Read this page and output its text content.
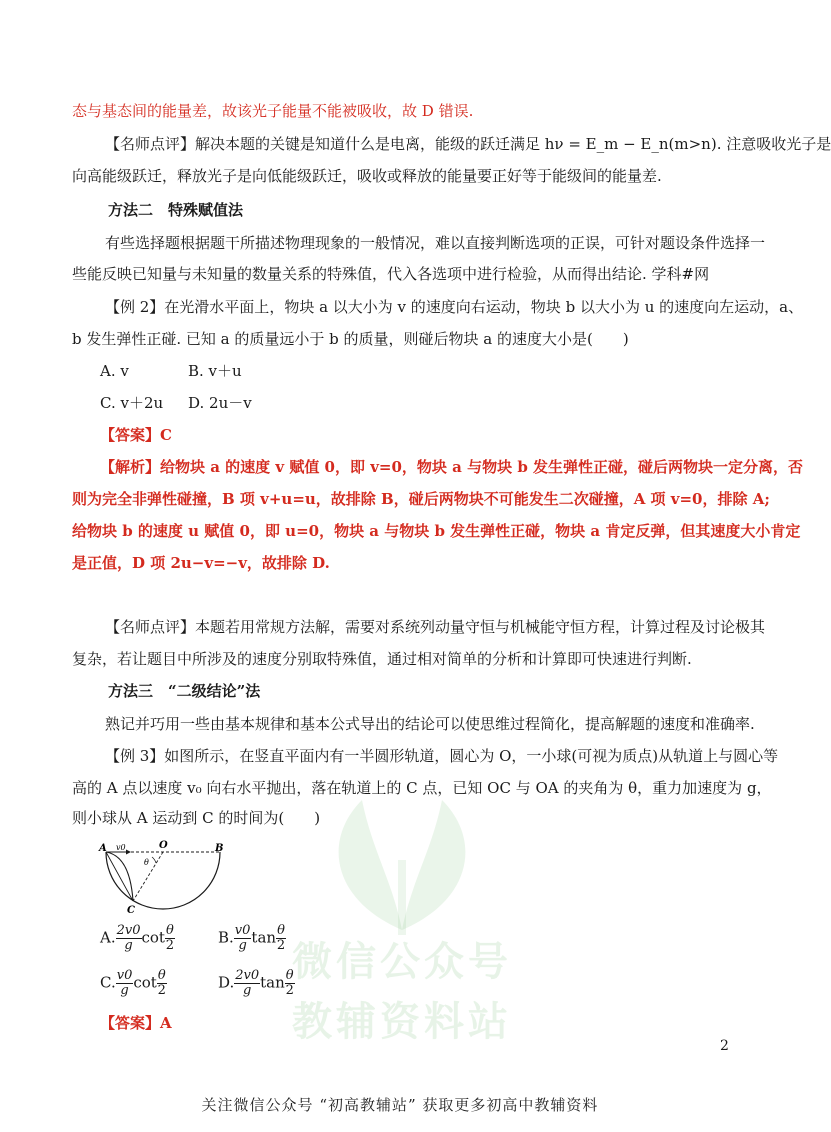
态与基态间的能量差，故该光子能量不能被吸收，故 D 错误.
【名师点评】解决本题的关键是知道什么是电离，能级的跃迁满足 hν = E_m − E_n(m>n). 注意吸收光子是
向高能级跃迁，释放光子是向低能级跃迁，吸收或释放的能量要正好等于能级间的能量差.
方法二　特殊赋值法
有些选择题根据题干所描述物理现象的一般情况，难以直接判断选项的正误，可针对题设条件选择一
些能反映已知量与未知量的数量关系的特殊值，代入各选项中进行检验，从而得出结论. 学科#网
【例 2】在光滑水平面上，物块 a 以大小为 v 的速度向右运动，物块 b 以大小为 u 的速度向左运动，a、
b 发生弹性正碰. 已知 a 的质量远小于 b 的质量，则碰后物块 a 的速度大小是(　　)
A. v	B. v＋u
C. v＋2u D. 2u－v
【答案】C
【解析】给物块 a 的速度 v 赋值 0，即 v=0，物块 a 与物块 b 发生弹性正碰，碰后两物块一定分离，否
则为完全非弹性碰撞，B 项 v+u=u，故排除 B，碰后两物块不可能发生二次碰撞，A 项 v=0，排除 A;
给物块 b 的速度 u 赋值 0，即 u=0，物块 a 与物块 b 发生弹性正碰，物块 a 肯定反弹，但其速度大小肯定
是正值，D 项 2u−v=−v，故排除 D.
【名师点评】本题若用常规方法解，需要对系统列动量守恒与机械能守恒方程，计算过程及讨论极其
复杂，若让题目中所涉及的速度分别取特殊值，通过相对简单的分析和计算即可快速进行判断.
方法三　“二级结论”法
熟记并巧用一些由基本规律和基本公式导出的结论可以使思维过程简化，提高解题的速度和准确率.
【例 3】如图所示，在竖直平面内有一半圆形轨道，圆心为 O，一小球(可视为质点)从轨道上与圆心等
高的 A 点以速度 v₀ 向右水平抛出，落在轨道上的 C 点，已知 OC 与 OA 的夹角为 θ，重力加速度为 g，
则小球从 A 运动到 C 的时间为(　　)
A	B
O
C
v0
θ
A. $\frac{2v0}{g}$ $\cot \frac{\theta}{2}$	B. $\frac{v0}{g}$ $\tan \frac{\theta}{2}$
C. $\frac{v0}{g}$ $\cot \frac{\theta}{2}$	D. $\frac{2v0}{g}$ $\tan \frac{\theta}{2}$
【答案】A
微信公众号
教辅资料站
2
关注微信公众号 “初高教辅站” 获取更多初高中教辅资料
